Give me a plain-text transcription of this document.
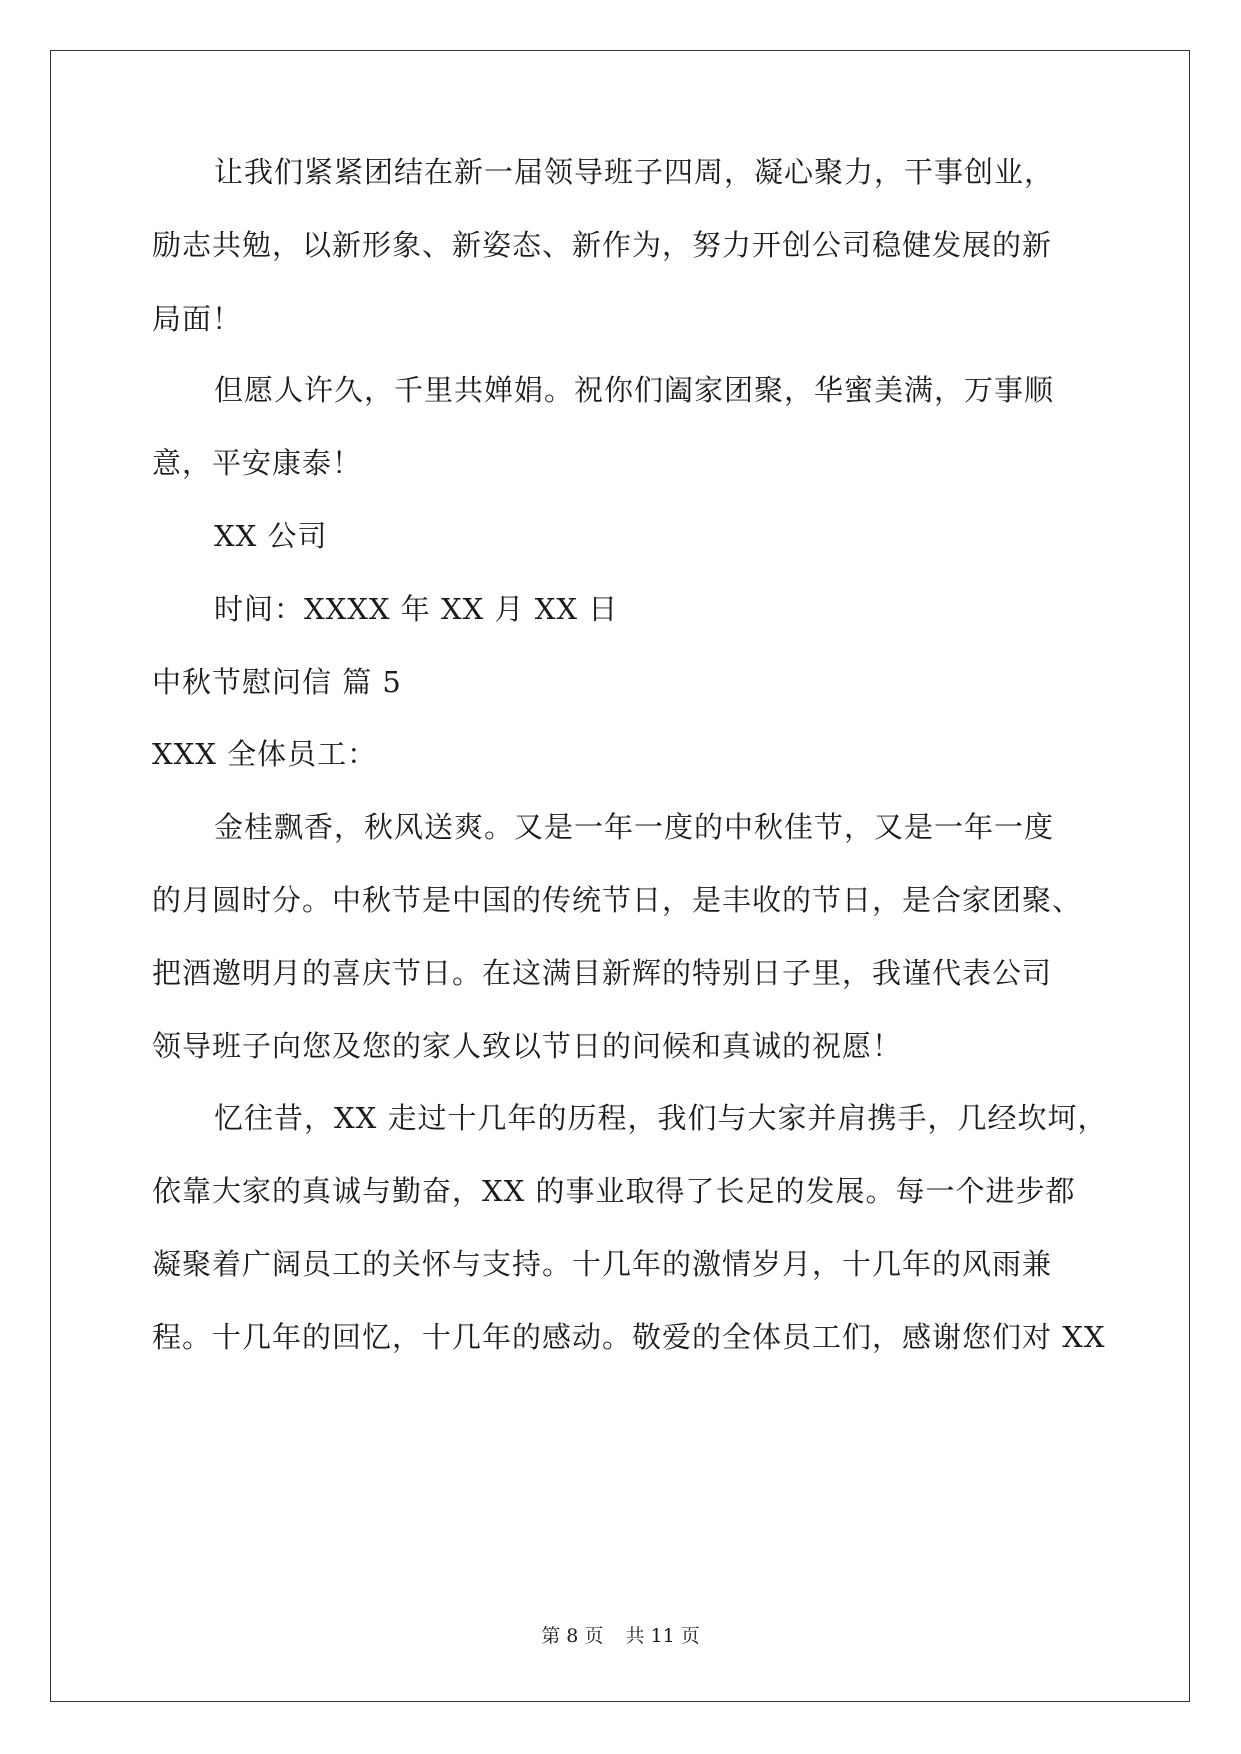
让我们紧紧团结在新一届领导班子四周，凝心聚力，干事创业，
励志共勉，以新形象、新姿态、新作为，努力开创公司稳健发展的新
局面！
但愿人许久，千里共婵娟。祝你们阖家团聚，华蜜美满，万事顺
意，平安康泰！
XX 公司
时间：XXXX 年 XX 月 XX 日
中秋节慰问信 篇 5
XXX 全体员工：
金桂飘香，秋风送爽。又是一年一度的中秋佳节，又是一年一度
的月圆时分。中秋节是中国的传统节日，是丰收的节日，是合家团聚、
把酒邀明月的喜庆节日。在这满目新辉的特别日子里，我谨代表公司
领导班子向您及您的家人致以节日的问候和真诚的祝愿！
忆往昔，XX 走过十几年的历程，我们与大家并肩携手，几经坎坷，
依靠大家的真诚与勤奋，XX 的事业取得了长足的发展。每一个进步都
凝聚着广阔员工的关怀与支持。十几年的激情岁月，十几年的风雨兼
程。十几年的回忆，十几年的感动。敬爱的全体员工们，感谢您们对 XX
第 8 页 共 11 页
